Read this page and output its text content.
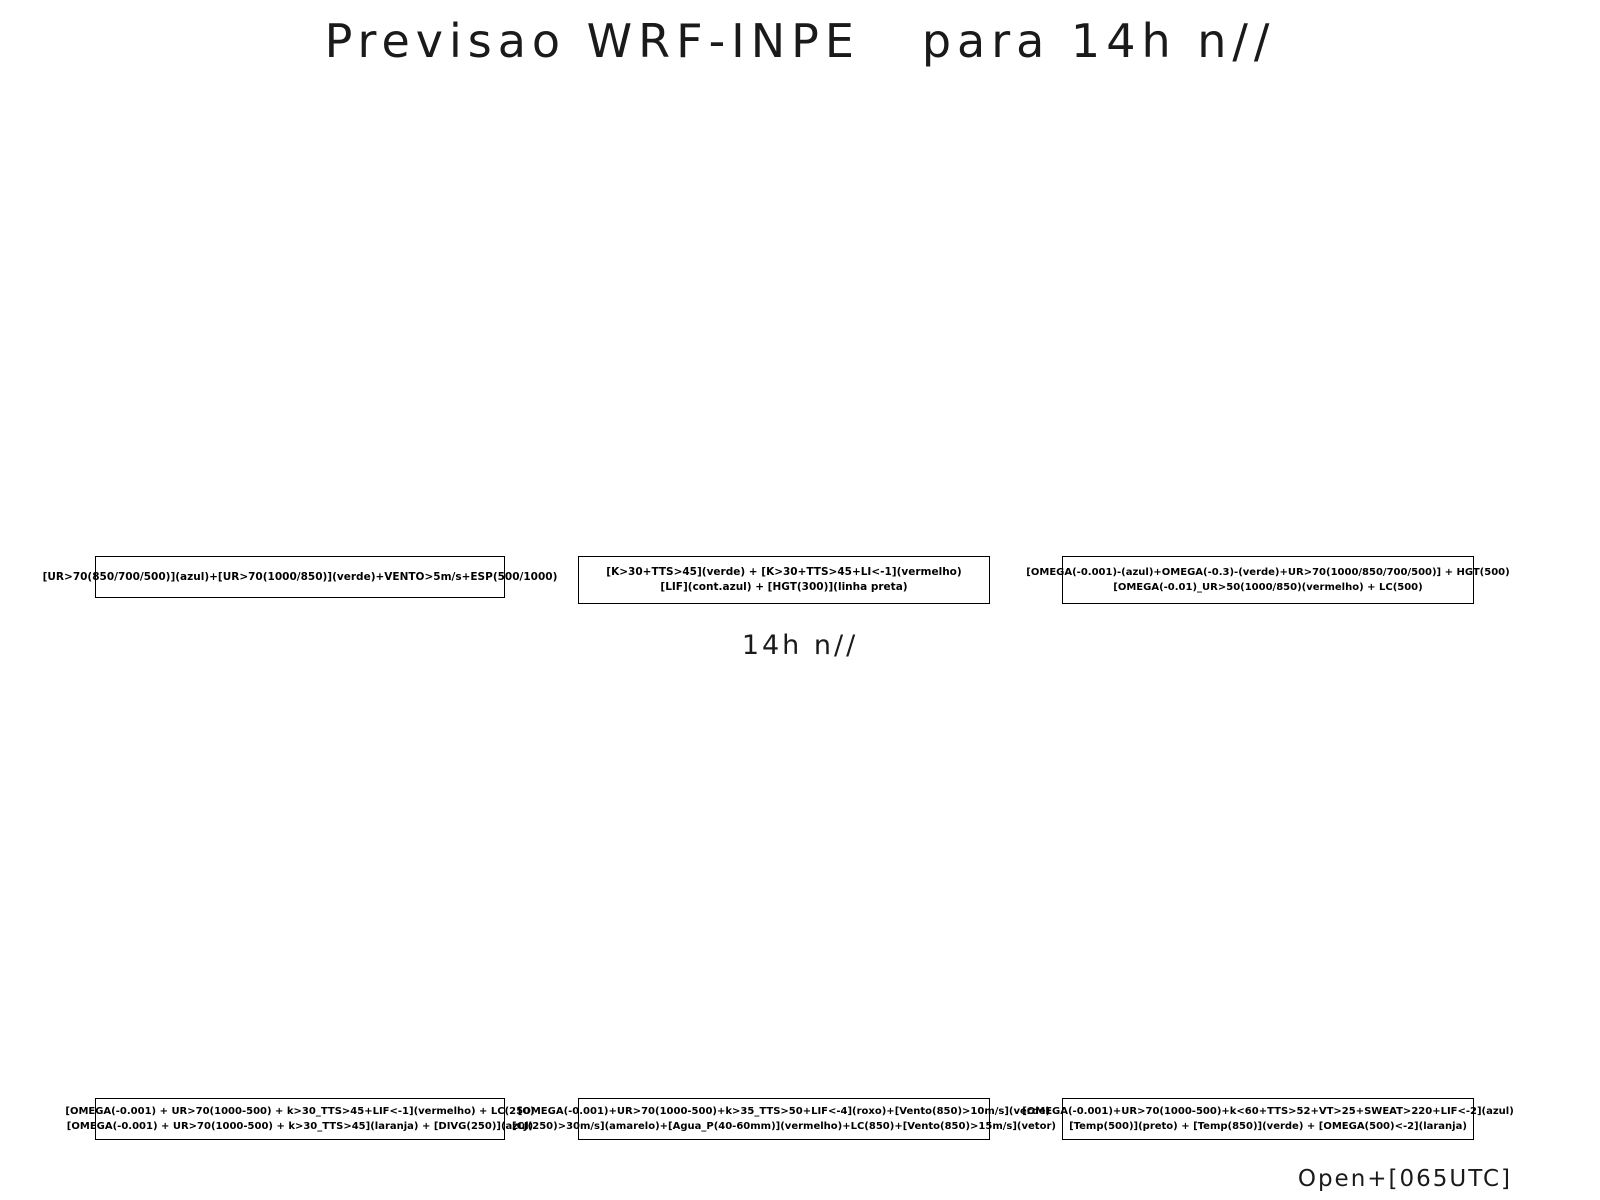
Previsao WRF-INPE   para 14h n//
[UR>70(850/700/500)](azul)+[UR>70(1000/850)](verde)+VENTO>5m/s+ESP(500/1000)	[K>30+TTS>45](verde) + [K>30+TTS>45+LI<-1](vermelho)
[LIF](cont.azul) + [HGT(300)](linha preta)
[OMEGA(-0.001)-(azul)+OMEGA(-0.3)-(verde)+UR>70(1000/850/700/500)] + HGT(500)
[OMEGA(-0.01)_UR>50(1000/850)(vermelho) + LC(500)
14h n//
[OMEGA(-0.001) + UR>70(1000-500) + k>30_TTS>45+LIF<-1](vermelho) + LC(250)
[OMEGA(-0.001) + UR>70(1000-500) + k>30_TTS>45](laranja) + [DIVG(250)](azul)
[OMEGA(-0.001)+UR>70(1000-500)+k>35_TTS>50+LIF<-4](roxo)+[Vento(850)>10m/s](verde)
[CJ(250)>30m/s](amarelo)+[Agua_P(40-60mm)](vermelho)+LC(850)+[Vento(850)>15m/s](vetor)
[OMEGA(-0.001)+UR>70(1000-500)+k<60+TTS>52+VT>25+SWEAT>220+LIF<-2](azul)
[Temp(500)](preto) + [Temp(850)](verde) + [OMEGA(500)<-2](laranja)
Open+[065UTC]
